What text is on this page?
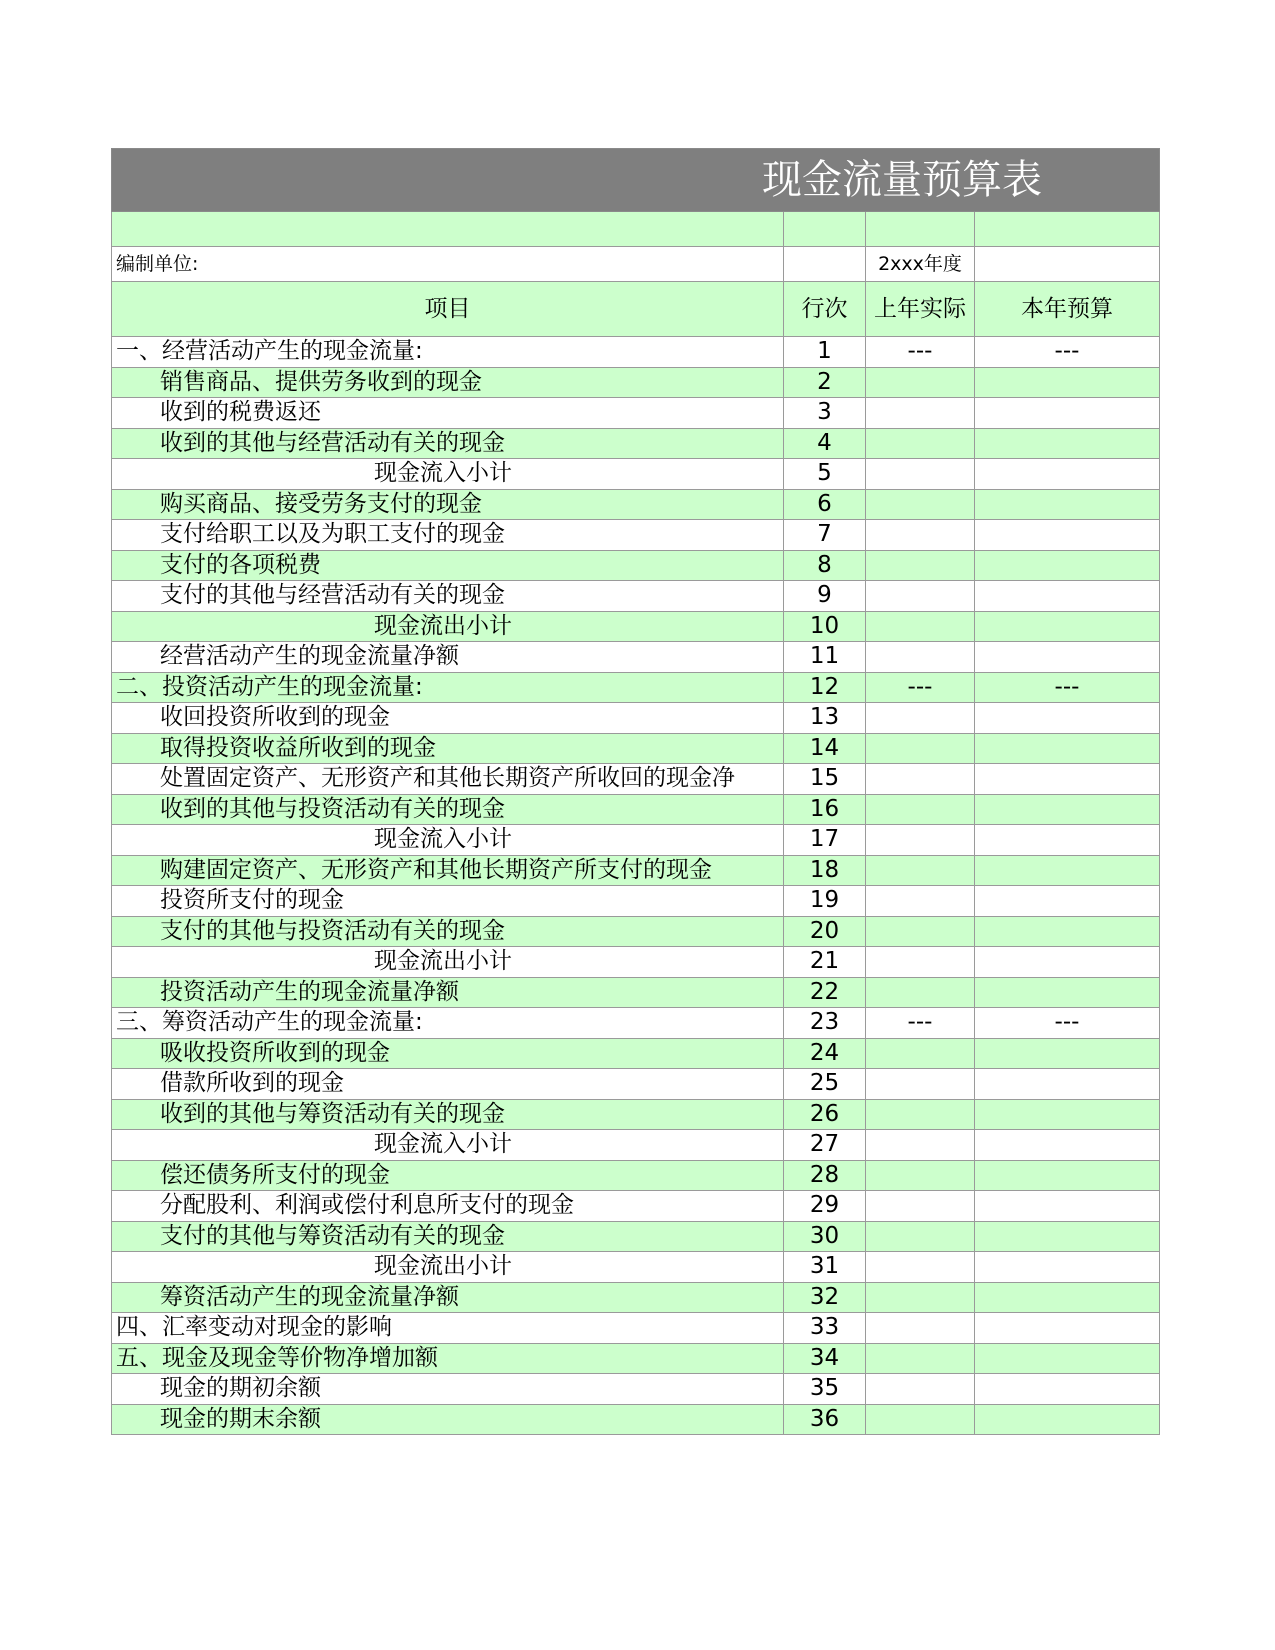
现金流量预算表			

编制单位:		2xxx年度	
项目	行次	上年实际	本年预算
一、经营活动产生的现金流量:	1	---	---
销售商品、提供劳务收到的现金	2		
收到的税费返还	3		
收到的其他与经营活动有关的现金	4		
现金流入小计	5		
购买商品、接受劳务支付的现金	6		
支付给职工以及为职工支付的现金	7		
支付的各项税费	8		
支付的其他与经营活动有关的现金	9		
现金流出小计	10		
经营活动产生的现金流量净额	11		
二、投资活动产生的现金流量:	12	---	---
收回投资所收到的现金	13		
取得投资收益所收到的现金	14		
处置固定资产、无形资产和其他长期资产所收回的现金净	15		
收到的其他与投资活动有关的现金	16		
现金流入小计	17		
购建固定资产、无形资产和其他长期资产所支付的现金	18		
投资所支付的现金	19		
支付的其他与投资活动有关的现金	20		
现金流出小计	21		
投资活动产生的现金流量净额	22		
三、筹资活动产生的现金流量:	23	---	---
吸收投资所收到的现金	24		
借款所收到的现金	25		
收到的其他与筹资活动有关的现金	26		
现金流入小计	27		
偿还债务所支付的现金	28		
分配股利、利润或偿付利息所支付的现金	29		
支付的其他与筹资活动有关的现金	30		
现金流出小计	31		
筹资活动产生的现金流量净额	32		
四、汇率变动对现金的影响	33		
五、现金及现金等价物净增加额	34		
现金的期初余额	35		
现金的期末余额	36		
